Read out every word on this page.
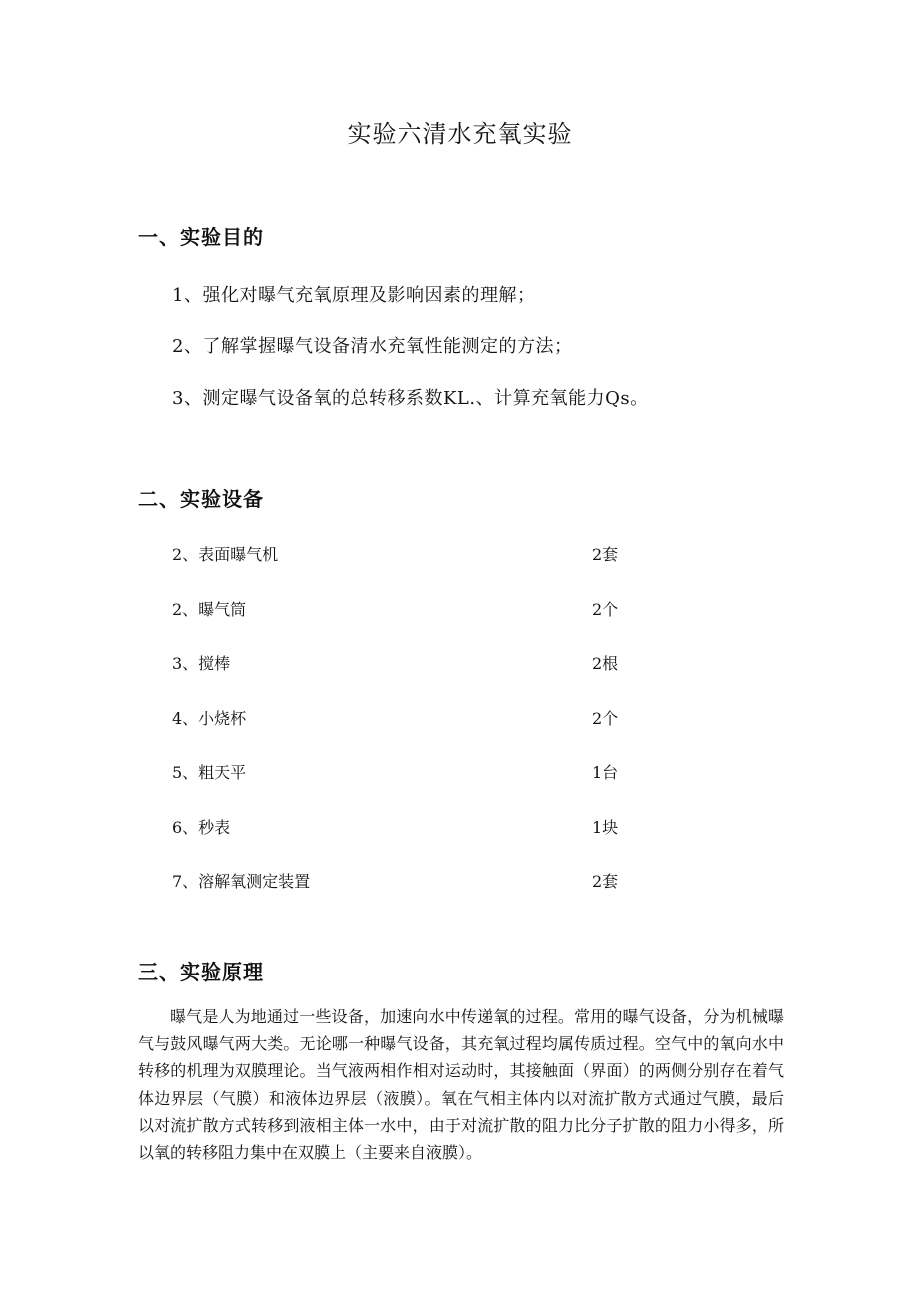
实验六清水充氧实验
一、实验目的
1、强化对曝气充氧原理及影响因素的理解；
2、了解掌握曝气设备清水充氧性能测定的方法；
3、测定曝气设备氧的总转移系数KL.、计算充氧能力Qs。
二、实验设备
2、表面曝气机	2套
2、曝气筒	2个
3、搅棒	2根
4、小烧杯	2个
5、粗天平	1台
6、秒表	1块
7、溶解氧测定装置	2套
三、实验原理

曝气是人为地通过一些设备，加速向水中传递氧的过程。常用的曝气设备，分为机械曝气与鼓风曝气两大类。无论哪一种曝气设备，其充氧过程均属传质过程。空气中的氧向水中转移的机理为双膜理论。当气液两相作相对运动时，其接触面（界面）的两侧分别存在着气体边界层（气膜）和液体边界层（液膜）。氧在气相主体内以对流扩散方式通过气膜，最后以对流扩散方式转移到液相主体一水中，由于对流扩散的阻力比分子扩散的阻力小得多，所以氧的转移阻力集中在双膜上（主要来自液膜）。
